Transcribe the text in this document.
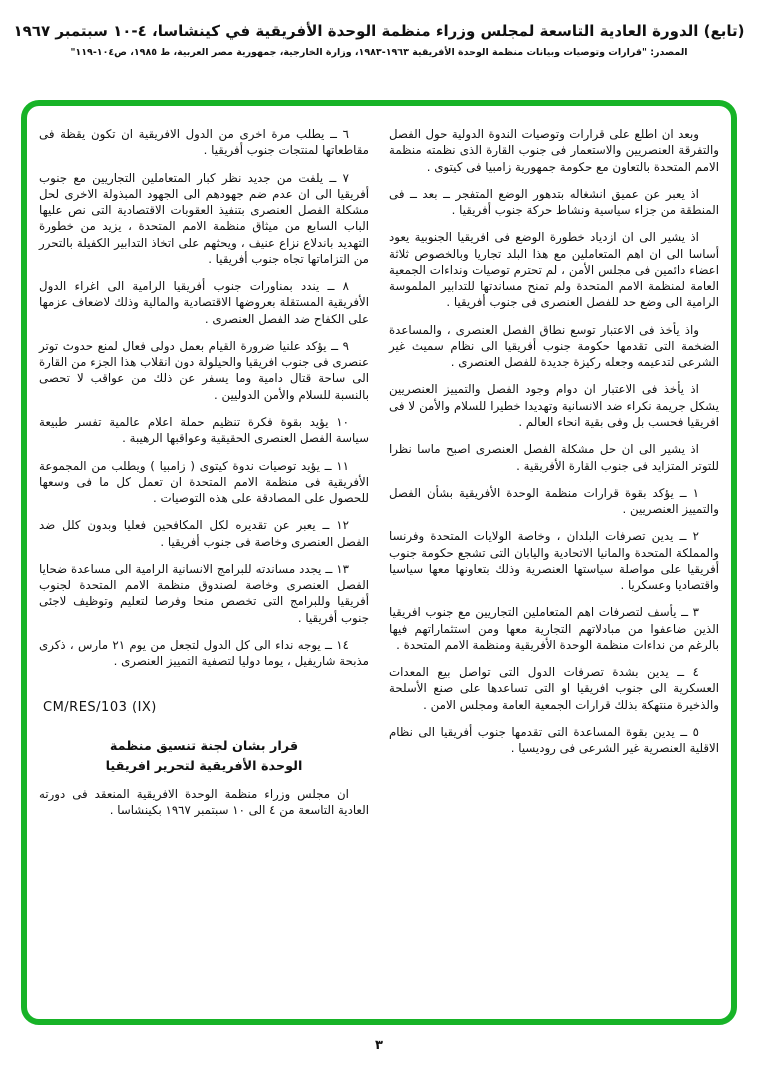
(تابع) الدورة العادية التاسعة لمجلس وزراء منظمة الوحدة الأفريقية في كينشاسا، ٤-١٠ سبتمبر ١٩٦٧
المصدر: "قرارات وتوصيات وبيانات منظمة الوحدة الأفريقية ١٩٦٣-١٩٨٣، وزارة الخارجية، جمهورية مصر العربية، ط ١٩٨٥، ص١٠٤-١١٩"

وبعد ان اطلع على قرارات وتوصيات الندوة الدولية حول الفصل والتفرقة العنصريين والاستعمار فى جنوب القارة الذى نظمته منظمة الامم المتحدة بالتعاون مع حكومة جمهورية زامبيا فى كيتوى .

اذ يعبر عن عميق انشغاله بتدهور الوضع المتفجر ــ بعد ــ فى المنطقة من جزاء سياسية ونشاط حركة جنوب أفريقيا .

اذ يشير الى ان ازدياد خطورة الوضع فى افريقيا الجنوبية يعود أساسا الى ان اهم المتعاملين مع هذا البلد تجاريا وبالخصوص ثلاثة اعضاء دائمين فى مجلس الأمن ، لم تحترم توصيات ونداءات الجمعية العامة لمنظمة الامم المتحدة ولم تمنح مساندتها للتدابير الملموسة الرامية الى وضع حد للفصل العنصرى فى جنوب أفريقيا .

واذ يأخذ فى الاعتبار توسع نطاق الفصل العنصرى ، والمساعدة الضخمة التى تقدمها حكومة جنوب أفريقيا الى نظام سميث غير الشرعى لتدعيمه وجعله ركيزة جديدة للفصل العنصرى .

اذ يأخذ فى الاعتبار ان دوام وجود الفصل والتمييز العنصريين يشكل جريمة نكراء ضد الانسانية وتهديدا خطيرا للسلام والأمن لا فى افريقيا فحسب بل وفى بقية انحاء العالم .

اذ يشير الى ان حل مشكلة الفصل العنصرى اصبح ماسا نظرا للتوتر المتزايد فى جنوب القارة الأفريقية .

١ ــ يؤكد بقوة قرارات منظمة الوحدة الأفريقية بشأن الفصل والتمييز العنصريين .

٢ ــ يدين تصرفات البلدان ، وخاصة الولايات المتحدة وفرنسا والمملكة المتحدة والمانيا الاتحادية واليابان التى تشجع حكومة جنوب أفريقيا على مواصلة سياستها العنصرية وذلك بتعاونها معها سياسيا واقتصاديا وعسكريا .

٣ ــ يأسف لتصرفات اهم المتعاملين التجاريين مع جنوب افريقيا الذين ضاعفوا من مبادلاتهم التجارية معها ومن استثماراتهم فيها بالرغم من نداءات منظمة الوحدة الأفريقية ومنظمة الامم المتحدة .

٤ ــ يدين بشدة تصرفات الدول التى تواصل بيع المعدات العسكرية الى جنوب افريقيا او التى تساعدها على صنع الأسلحة والذخيرة منتهكة بذلك قرارات الجمعية العامة ومجلس الامن .

٥ ــ يدين بقوة المساعدة التى تقدمها جنوب أفريقيا الى نظام الاقلية العنصرية غير الشرعى فى روديسيا .

٦ ــ يطلب مرة اخرى من الدول الافريقية ان تكون يقظة فى مقاطعاتها لمنتجات جنوب أفريقيا .

٧ ــ يلفت من جديد نظر كبار المتعاملين التجاريين مع جنوب أفريقيا الى ان عدم ضم جهودهم الى الجهود المبذولة الاخرى لحل مشكلة الفصل العنصرى بتنفيذ العقوبات الاقتصادية التى نص عليها الباب السابع من ميثاق منظمة الامم المتحدة ، يزيد من خطورة التهديد باندلاع نزاع عنيف ، ويحثهم على اتخاذ التدابير الكفيلة بالتحرر من التزاماتها تجاه جنوب أفريقيا .

٨ ــ يندد بمناورات جنوب أفريقيا الرامية الى اغراء الدول الأفريقية المستقلة بعروضها الاقتصادية والمالية وذلك لاضعاف عزمها على الكفاح ضد الفصل العنصرى .

٩ ــ يؤكد علنيا ضرورة القيام بعمل دولى فعال لمنع حدوث توتر عنصرى فى جنوب افريقيا والحيلولة دون انقلاب هذا الجزء من القارة الى ساحة قتال دامية وما يسفر عن ذلك من عواقب لا تحصى بالنسبة للسلام والأمن الدوليين .

١٠ يؤيد بقوة فكرة تنظيم حملة اعلام عالمية تفسر طبيعة سياسة الفصل العنصرى الحقيقية وعواقبها الرهيبة .

١١ ــ يؤيد توصيات ندوة كيتوى ( زامبيا ) ويطلب من المجموعة الأفريقية فى منظمة الامم المتحدة ان تعمل كل ما فى وسعها للحصول على المصادقة على هذه التوصيات .

١٢ ــ يعبر عن تقديره لكل المكافحين فعليا وبدون كلل ضد الفصل العنصرى وخاصة فى جنوب أفريقيا .

١٣ ــ يجدد مساندته للبرامج الانسانية الرامية الى مساعدة ضحايا الفصل العنصرى وخاصة لصندوق منظمة الامم المتحدة لجنوب أفريقيا وللبرامج التى تخصص منحا وفرصا لتعليم وتوظيف لاجئى جنوب أفريقيا .

١٤ ــ يوجه نداء الى كل الدول لتجعل من يوم ٢١ مارس ، ذكرى مذبحة شاريفيل ، يوما دوليا لتصفية التمييز العنصرى .

CM/RES/103 (IX)
قرار بشان لجنة تنسيق منظمة
الوحدة الأفريقية لتحرير افريقيا

ان مجلس وزراء منظمة الوحدة الافريقية المنعقد فى دورته العادية التاسعة من ٤ الى ١٠ سبتمبر ١٩٦٧ بكينشاسا .

٣
